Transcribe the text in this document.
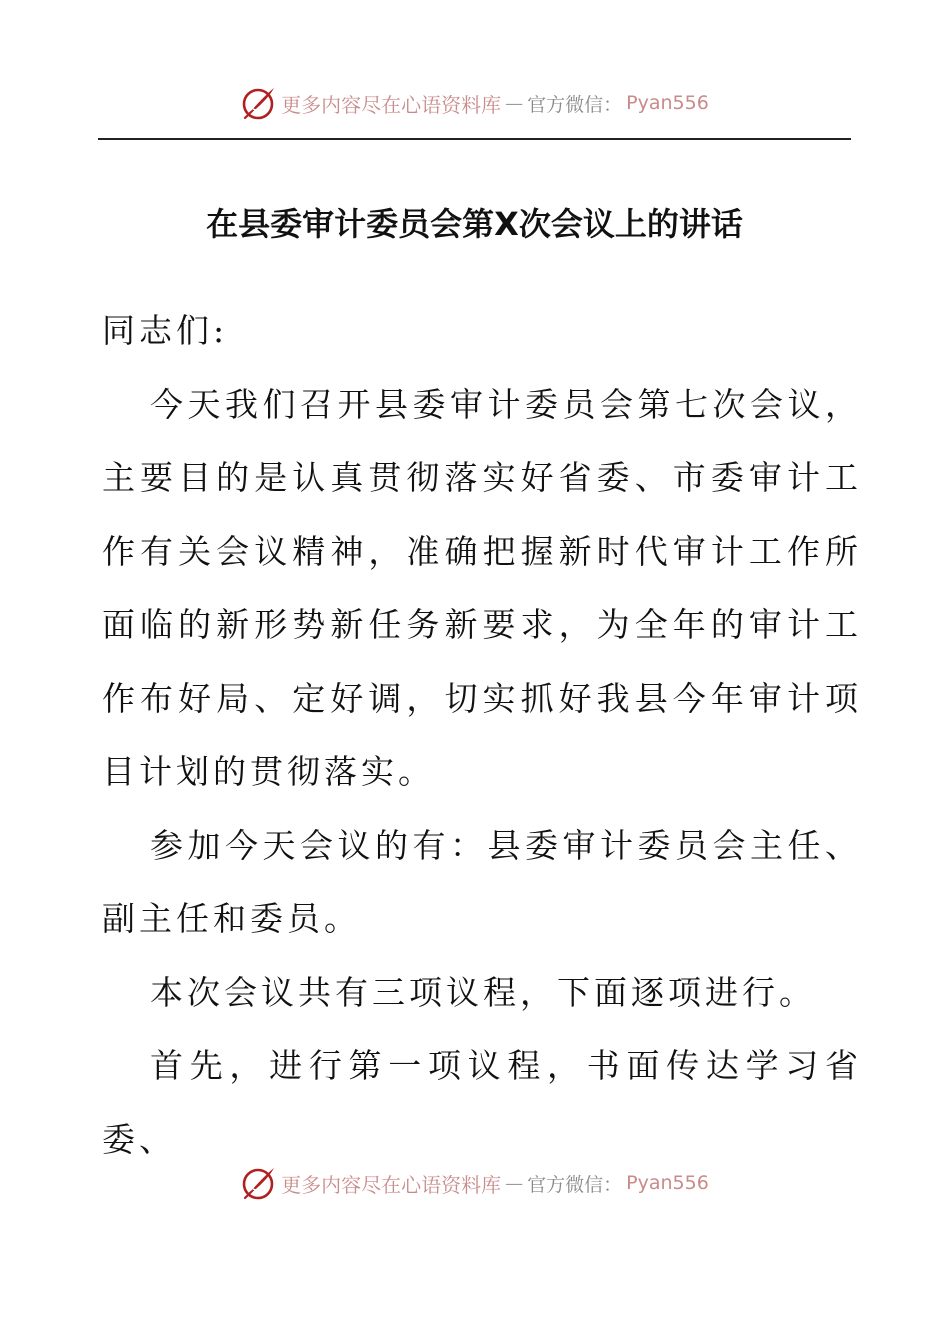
更多内容尽在心语资料库 — 官方微信： Pyan556
在县委审计委员会第X次会议上的讲话

同志们:

今天我们召开县委审计委员会第七次会议，主要目的是认真贯彻落实好省委、市委审计工作有关会议精神，准确把握新时代审计工作所面临的新形势新任务新要求，为全年的审计工作布好局、定好调，切实抓好我县今年审计项目计划的贯彻落实。

参加今天会议的有：县委审计委员会主任、副主任和委员。

本次会议共有三项议程，下面逐项进行。

首先，进行第一项议程，书面传达学习省委、

更多内容尽在心语资料库 — 官方微信： Pyan556
